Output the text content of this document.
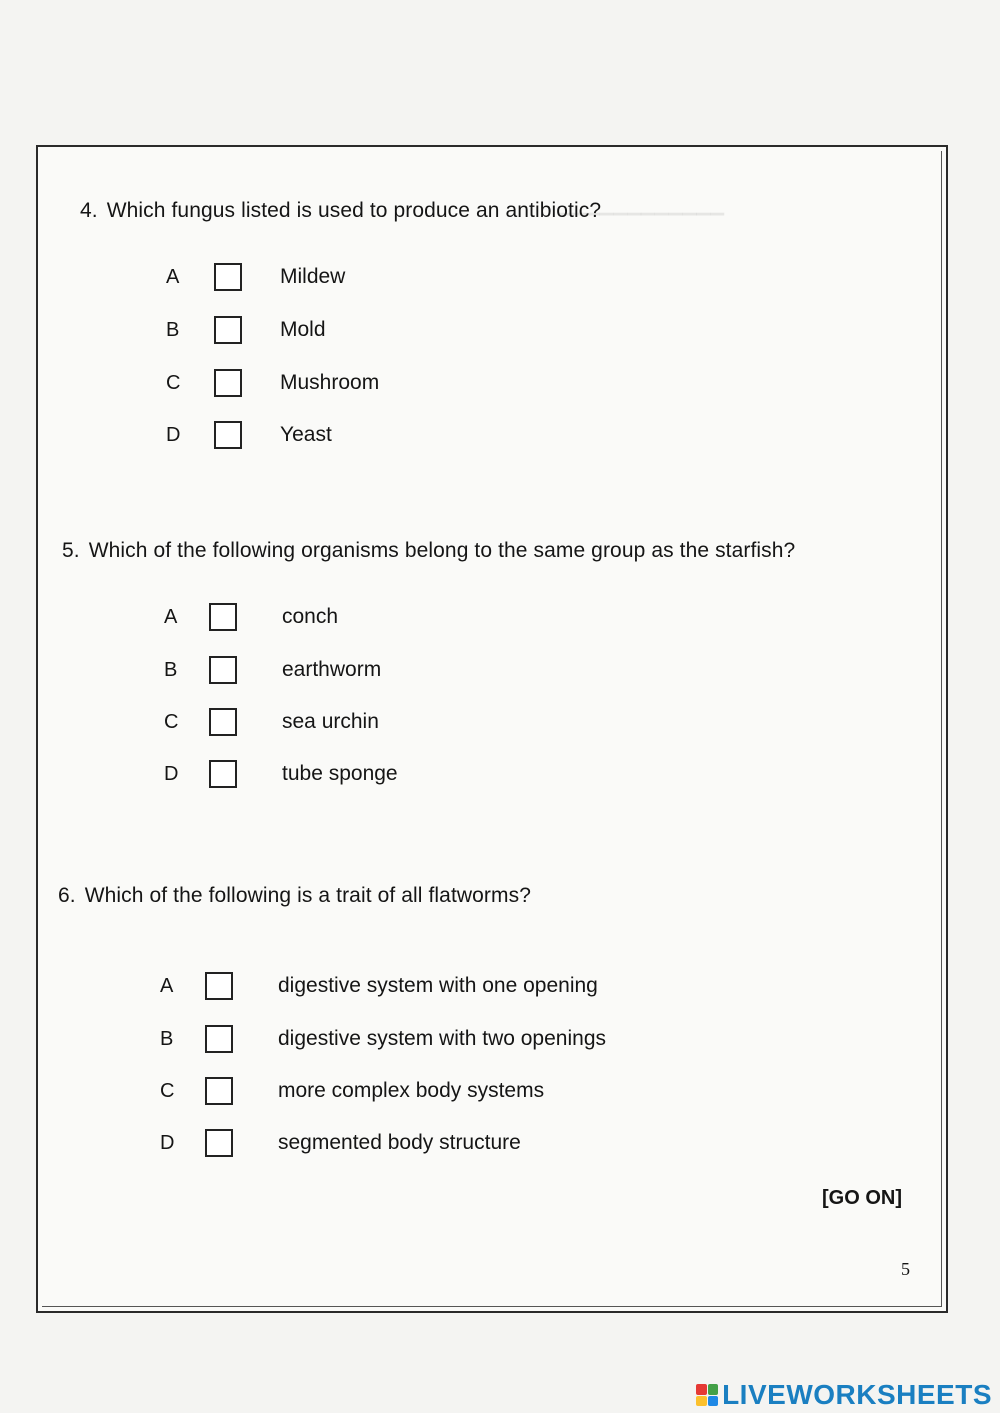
▁▁▁▁▁▁▁▁▁▁▁▁
4. Which fungus listed is used to produce an antibiotic?
A	Mildew
B	Mold
C	Mushroom
D	Yeast
5. Which of the following organisms belong to the same group as the starfish?
A	conch
B	earthworm
C	sea urchin
D	tube sponge
6. Which of the following is a trait of all flatworms?
A	digestive system with one opening
B	digestive system with two openings
C	more complex body systems
D	segmented body structure
[GO ON]
5
LIVEWORKSHEETS
